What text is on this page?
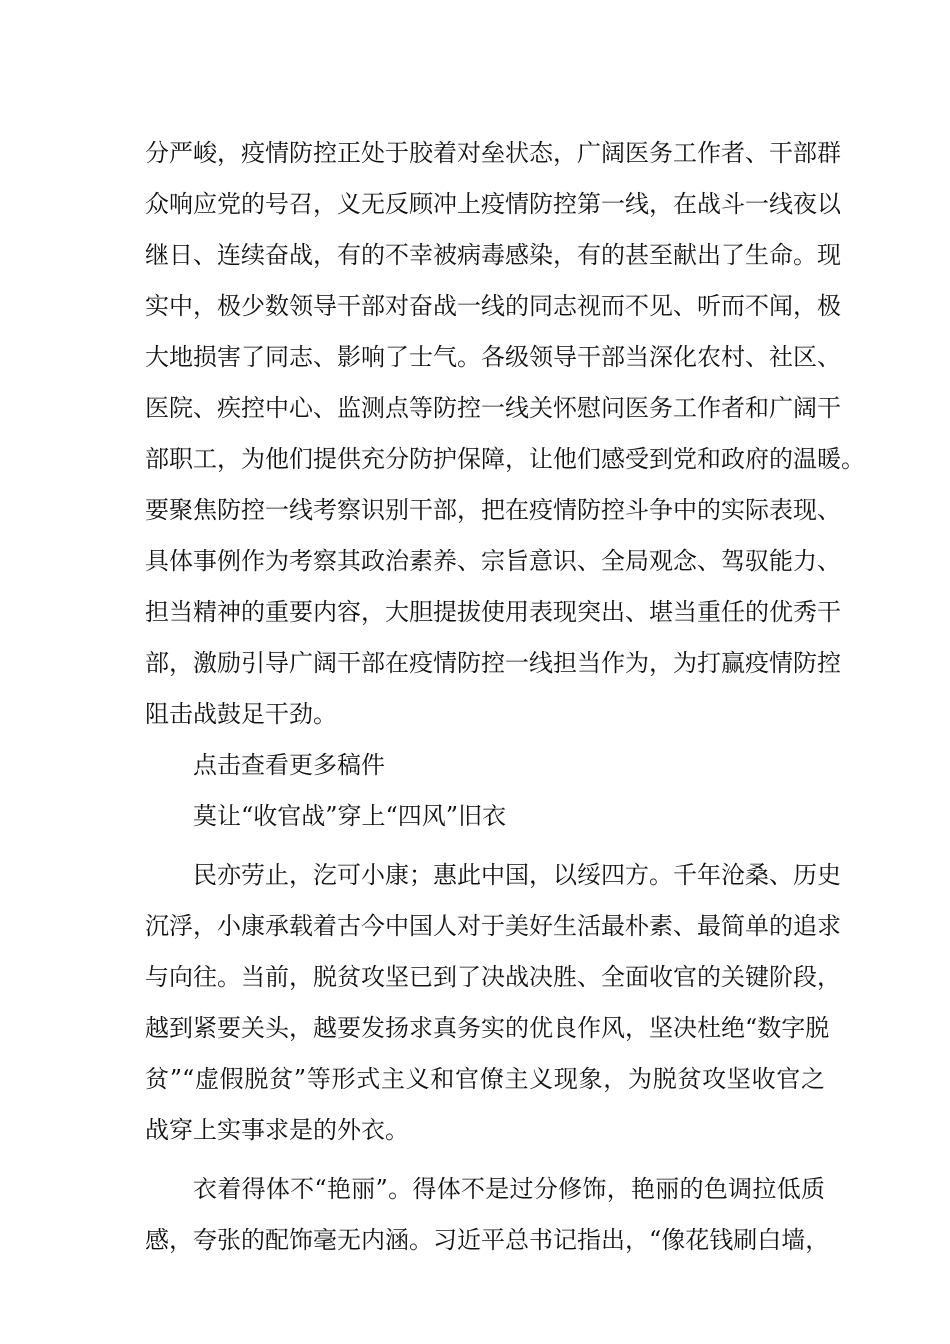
分严峻，疫情防控正处于胶着对垒状态，广阔医务工作者、干部群
众响应党的号召，义无反顾冲上疫情防控第一线，在战斗一线夜以
继日、连续奋战，有的不幸被病毒感染，有的甚至献出了生命。现
实中，极少数领导干部对奋战一线的同志视而不见、听而不闻，极
大地损害了同志、影响了士气。各级领导干部当深化农村、社区、
医院、疾控中心、监测点等防控一线关怀慰问医务工作者和广阔干
部职工，为他们提供充分防护保障，让他们感受到党和政府的温暖。
要聚焦防控一线考察识别干部，把在疫情防控斗争中的实际表现、
具体事例作为考察其政治素养、宗旨意识、全局观念、驾驭能力、
担当精神的重要内容，大胆提拔使用表现突出、堪当重任的优秀干
部，激励引导广阔干部在疫情防控一线担当作为，为打赢疫情防控
阻击战鼓足干劲。
点击查看更多稿件
莫让“收官战”穿上“四风”旧衣
民亦劳止，汔可小康；惠此中国，以绥四方。千年沧桑、历史
沉浮，小康承载着古今中国人对于美好生活最朴素、最简单的追求
与向往。当前，脱贫攻坚已到了决战决胜、全面收官的关键阶段，
越到紧要关头，越要发扬求真务实的优良作风，坚决杜绝“数字脱
贫”“虚假脱贫”等形式主义和官僚主义现象，为脱贫攻坚收官之
战穿上实事求是的外衣。
衣着得体不“艳丽”。得体不是过分修饰，艳丽的色调拉低质
感，夸张的配饰毫无内涵。习近平总书记指出，“像花钱刷白墙，
